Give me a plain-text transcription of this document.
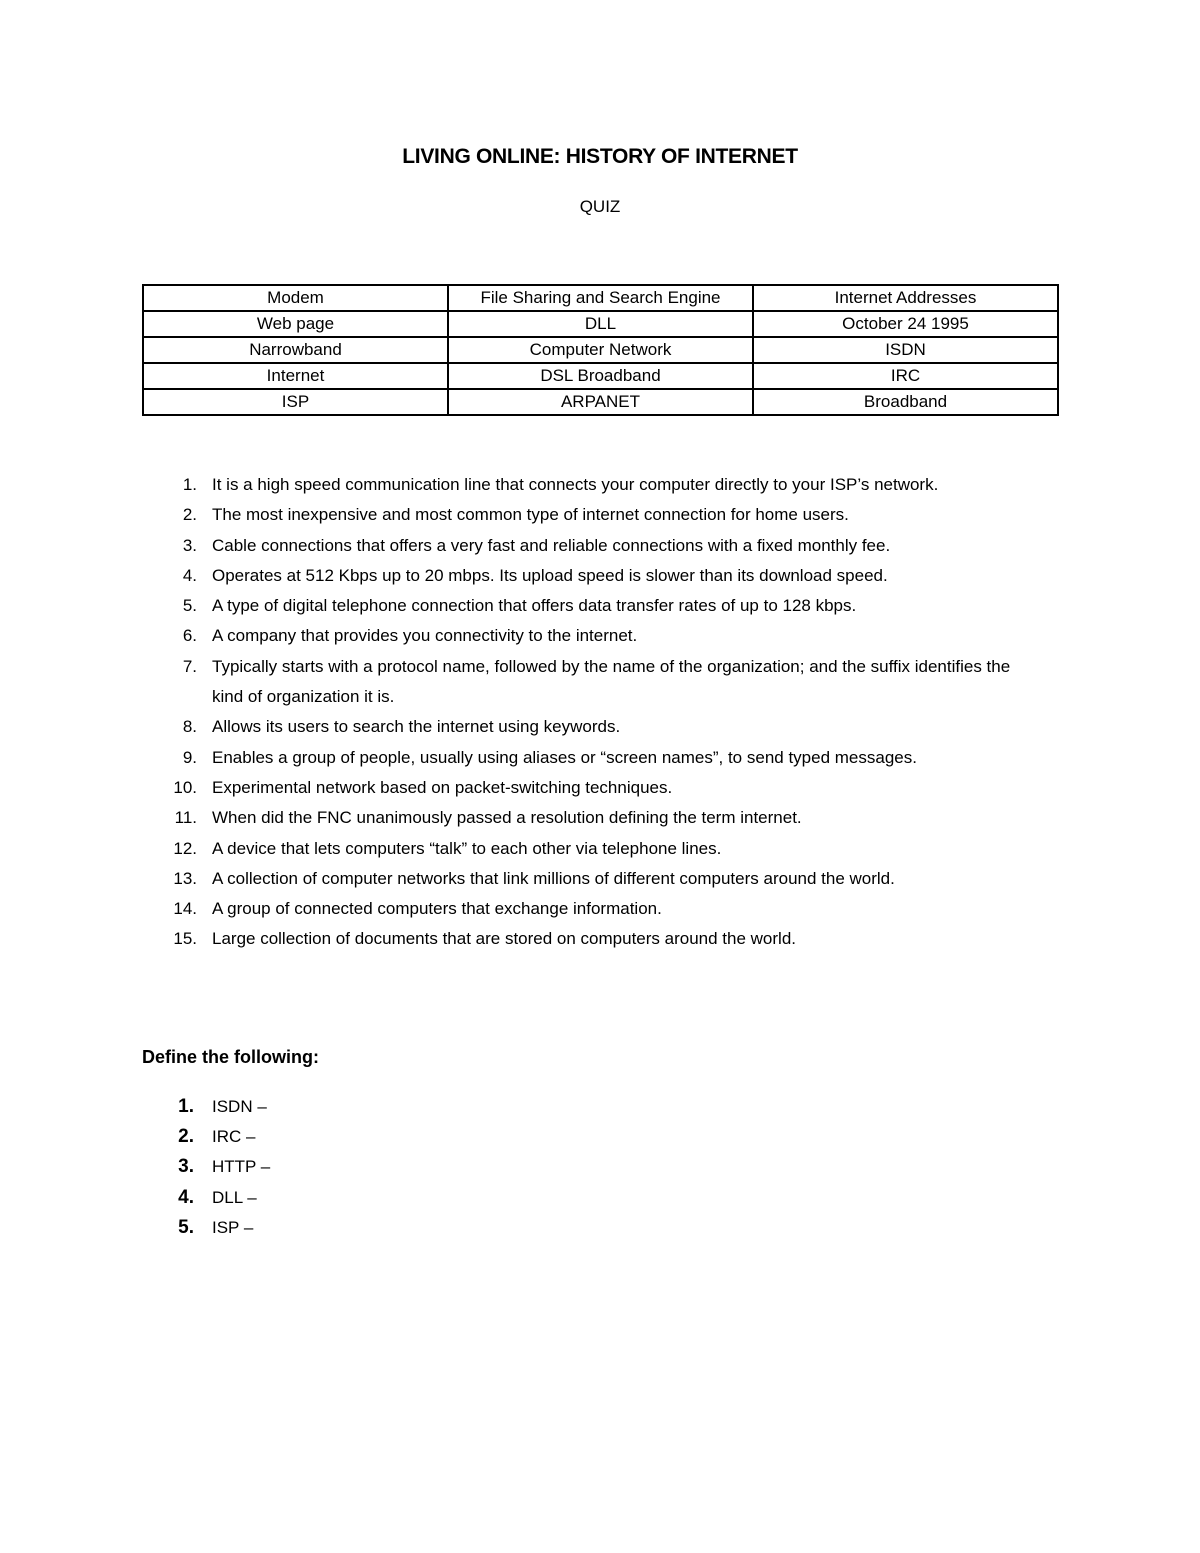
LIVING ONLINE: HISTORY OF INTERNET
QUIZ
Modem	File Sharing and Search Engine	Internet Addresses
Web page	DLL	October 24 1995
Narrowband	Computer Network	ISDN
Internet	DSL Broadband	IRC
ISP	ARPANET	Broadband
1. It is a high speed communication line that connects your computer directly to your ISP’s network.
2. The most inexpensive and most common type of internet connection for home users.
3. Cable connections that offers a very fast and reliable connections with a fixed monthly fee.
4. Operates at 512 Kbps up to 20 mbps. Its upload speed is slower than its download speed.
5. A type of digital telephone connection that offers data transfer rates of up to 128 kbps.
6. A company that provides you connectivity to the internet.
7. Typically starts with a protocol name, followed by the name of the organization; and the suffix identifies the kind of organization it is.
8. Allows its users to search the internet using keywords.
9. Enables a group of people, usually using aliases or “screen names”, to send typed messages.
10. Experimental network based on packet-switching techniques.
11. When did the FNC unanimously passed a resolution defining the term internet.
12. A device that lets computers “talk” to each other via telephone lines.
13. A collection of computer networks that link millions of different computers around the world.
14. A group of connected computers that exchange information.
15. Large collection of documents that are stored on computers around the world.
Define the following:
1. ISDN –
2. IRC –
3. HTTP –
4. DLL –
5. ISP –
